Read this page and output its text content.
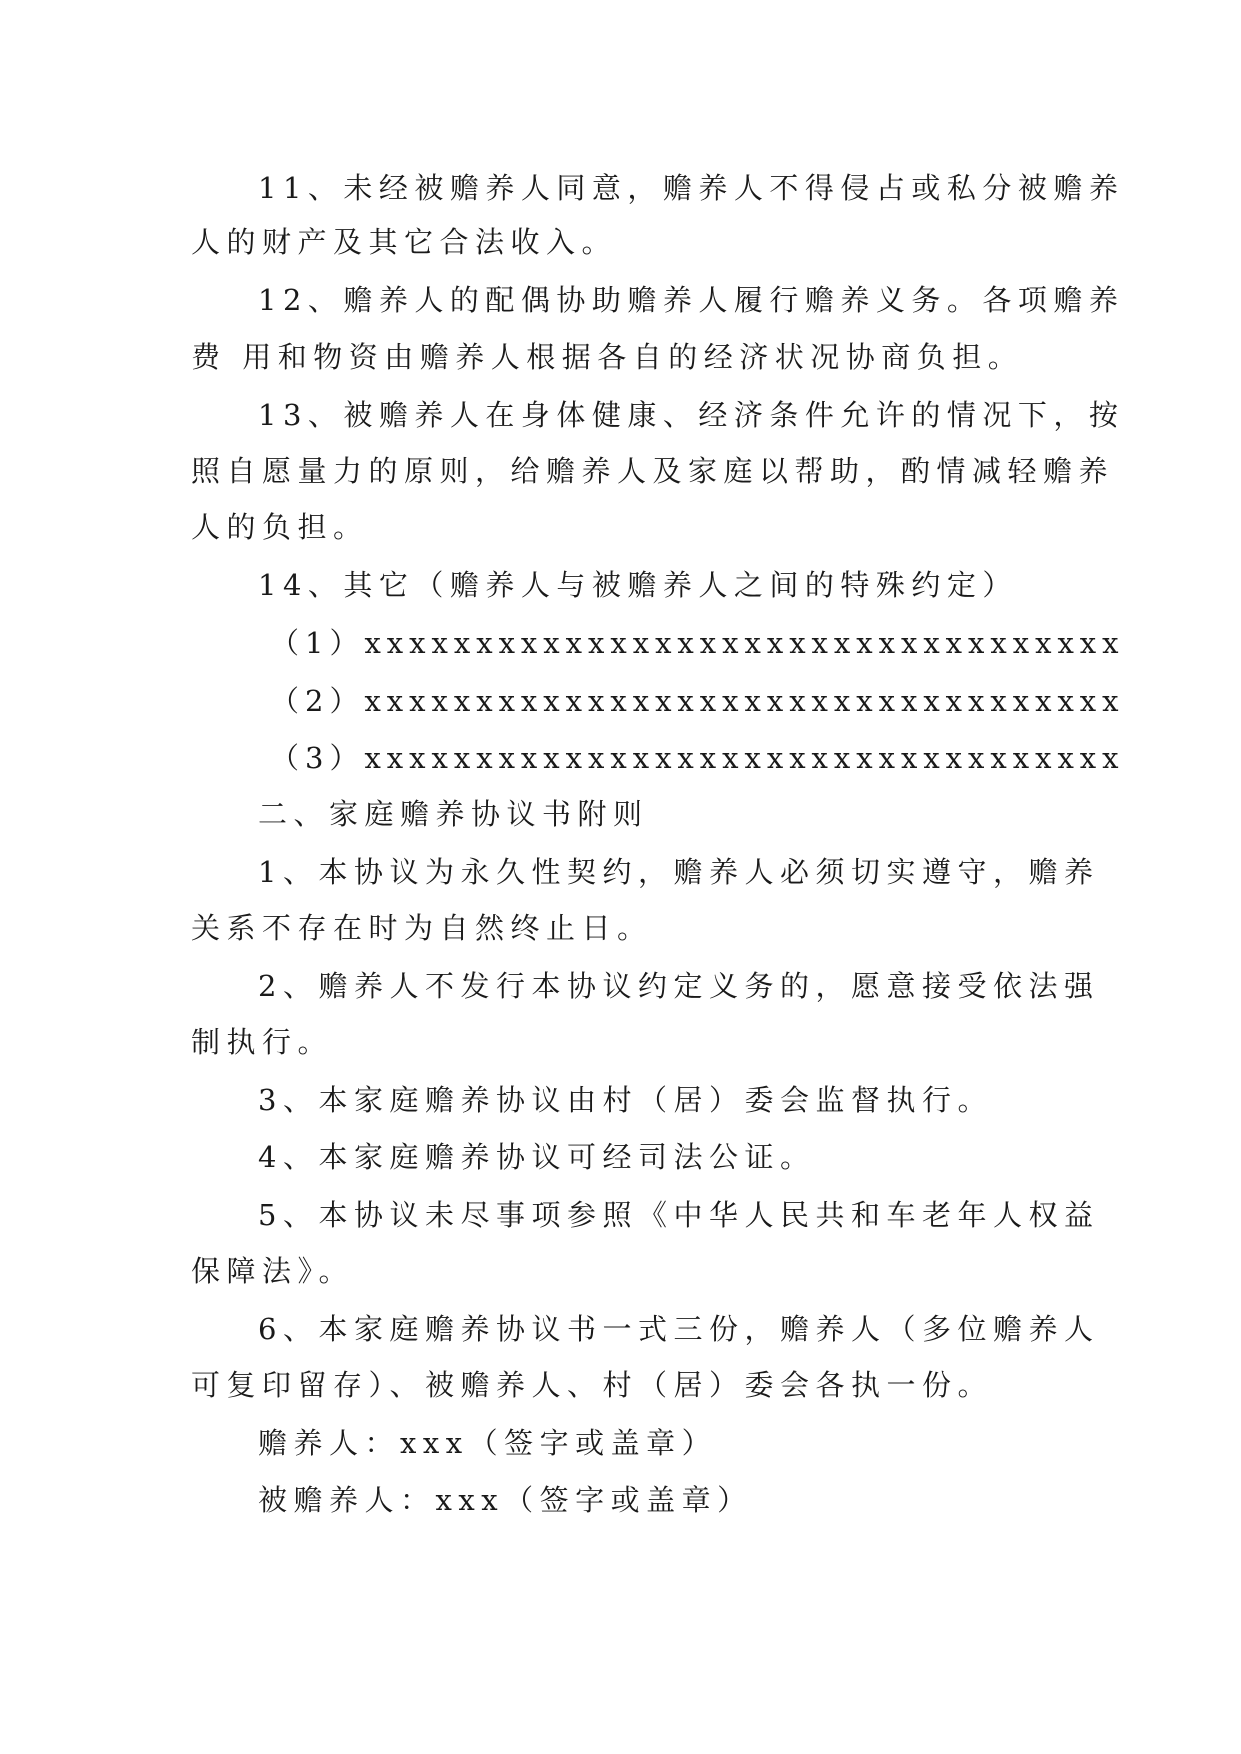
11、未经被赡养人同意，赡养人不得侵占或私分被赡养
人的财产及其它合法收入。
12、赡养人的配偶协助赡养人履行赡养义务。各项赡养
费 用和物资由赡养人根据各自的经济状况协商负担。
13、被赡养人在身体健康、经济条件允许的情况下，按
照自愿量力的原则，给赡养人及家庭以帮助，酌情减轻赡养
人的负担。
14、其它（赡养人与被赡养人之间的特殊约定）
（1）xxxxxxxxxxxxxxxxxxxxxxxxxxxxxxxxxx
（2）xxxxxxxxxxxxxxxxxxxxxxxxxxxxxxxxxx
（3）xxxxxxxxxxxxxxxxxxxxxxxxxxxxxxxxxx
二、家庭赡养协议书附则
1、本协议为永久性契约，赡养人必须切实遵守，赡养
关系不存在时为自然终止日。
2、赡养人不发行本协议约定义务的，愿意接受依法强
制执行。
3、本家庭赡养协议由村（居）委会监督执行。
4、本家庭赡养协议可经司法公证。
5、本协议未尽事项参照《中华人民共和车老年人权益
保障法》。
6、本家庭赡养协议书一式三份，赡养人（多位赡养人
可复印留存）、被赡养人、村（居）委会各执一份。
赡养人：xxx（签字或盖章）
被赡养人：xxx（签字或盖章）
